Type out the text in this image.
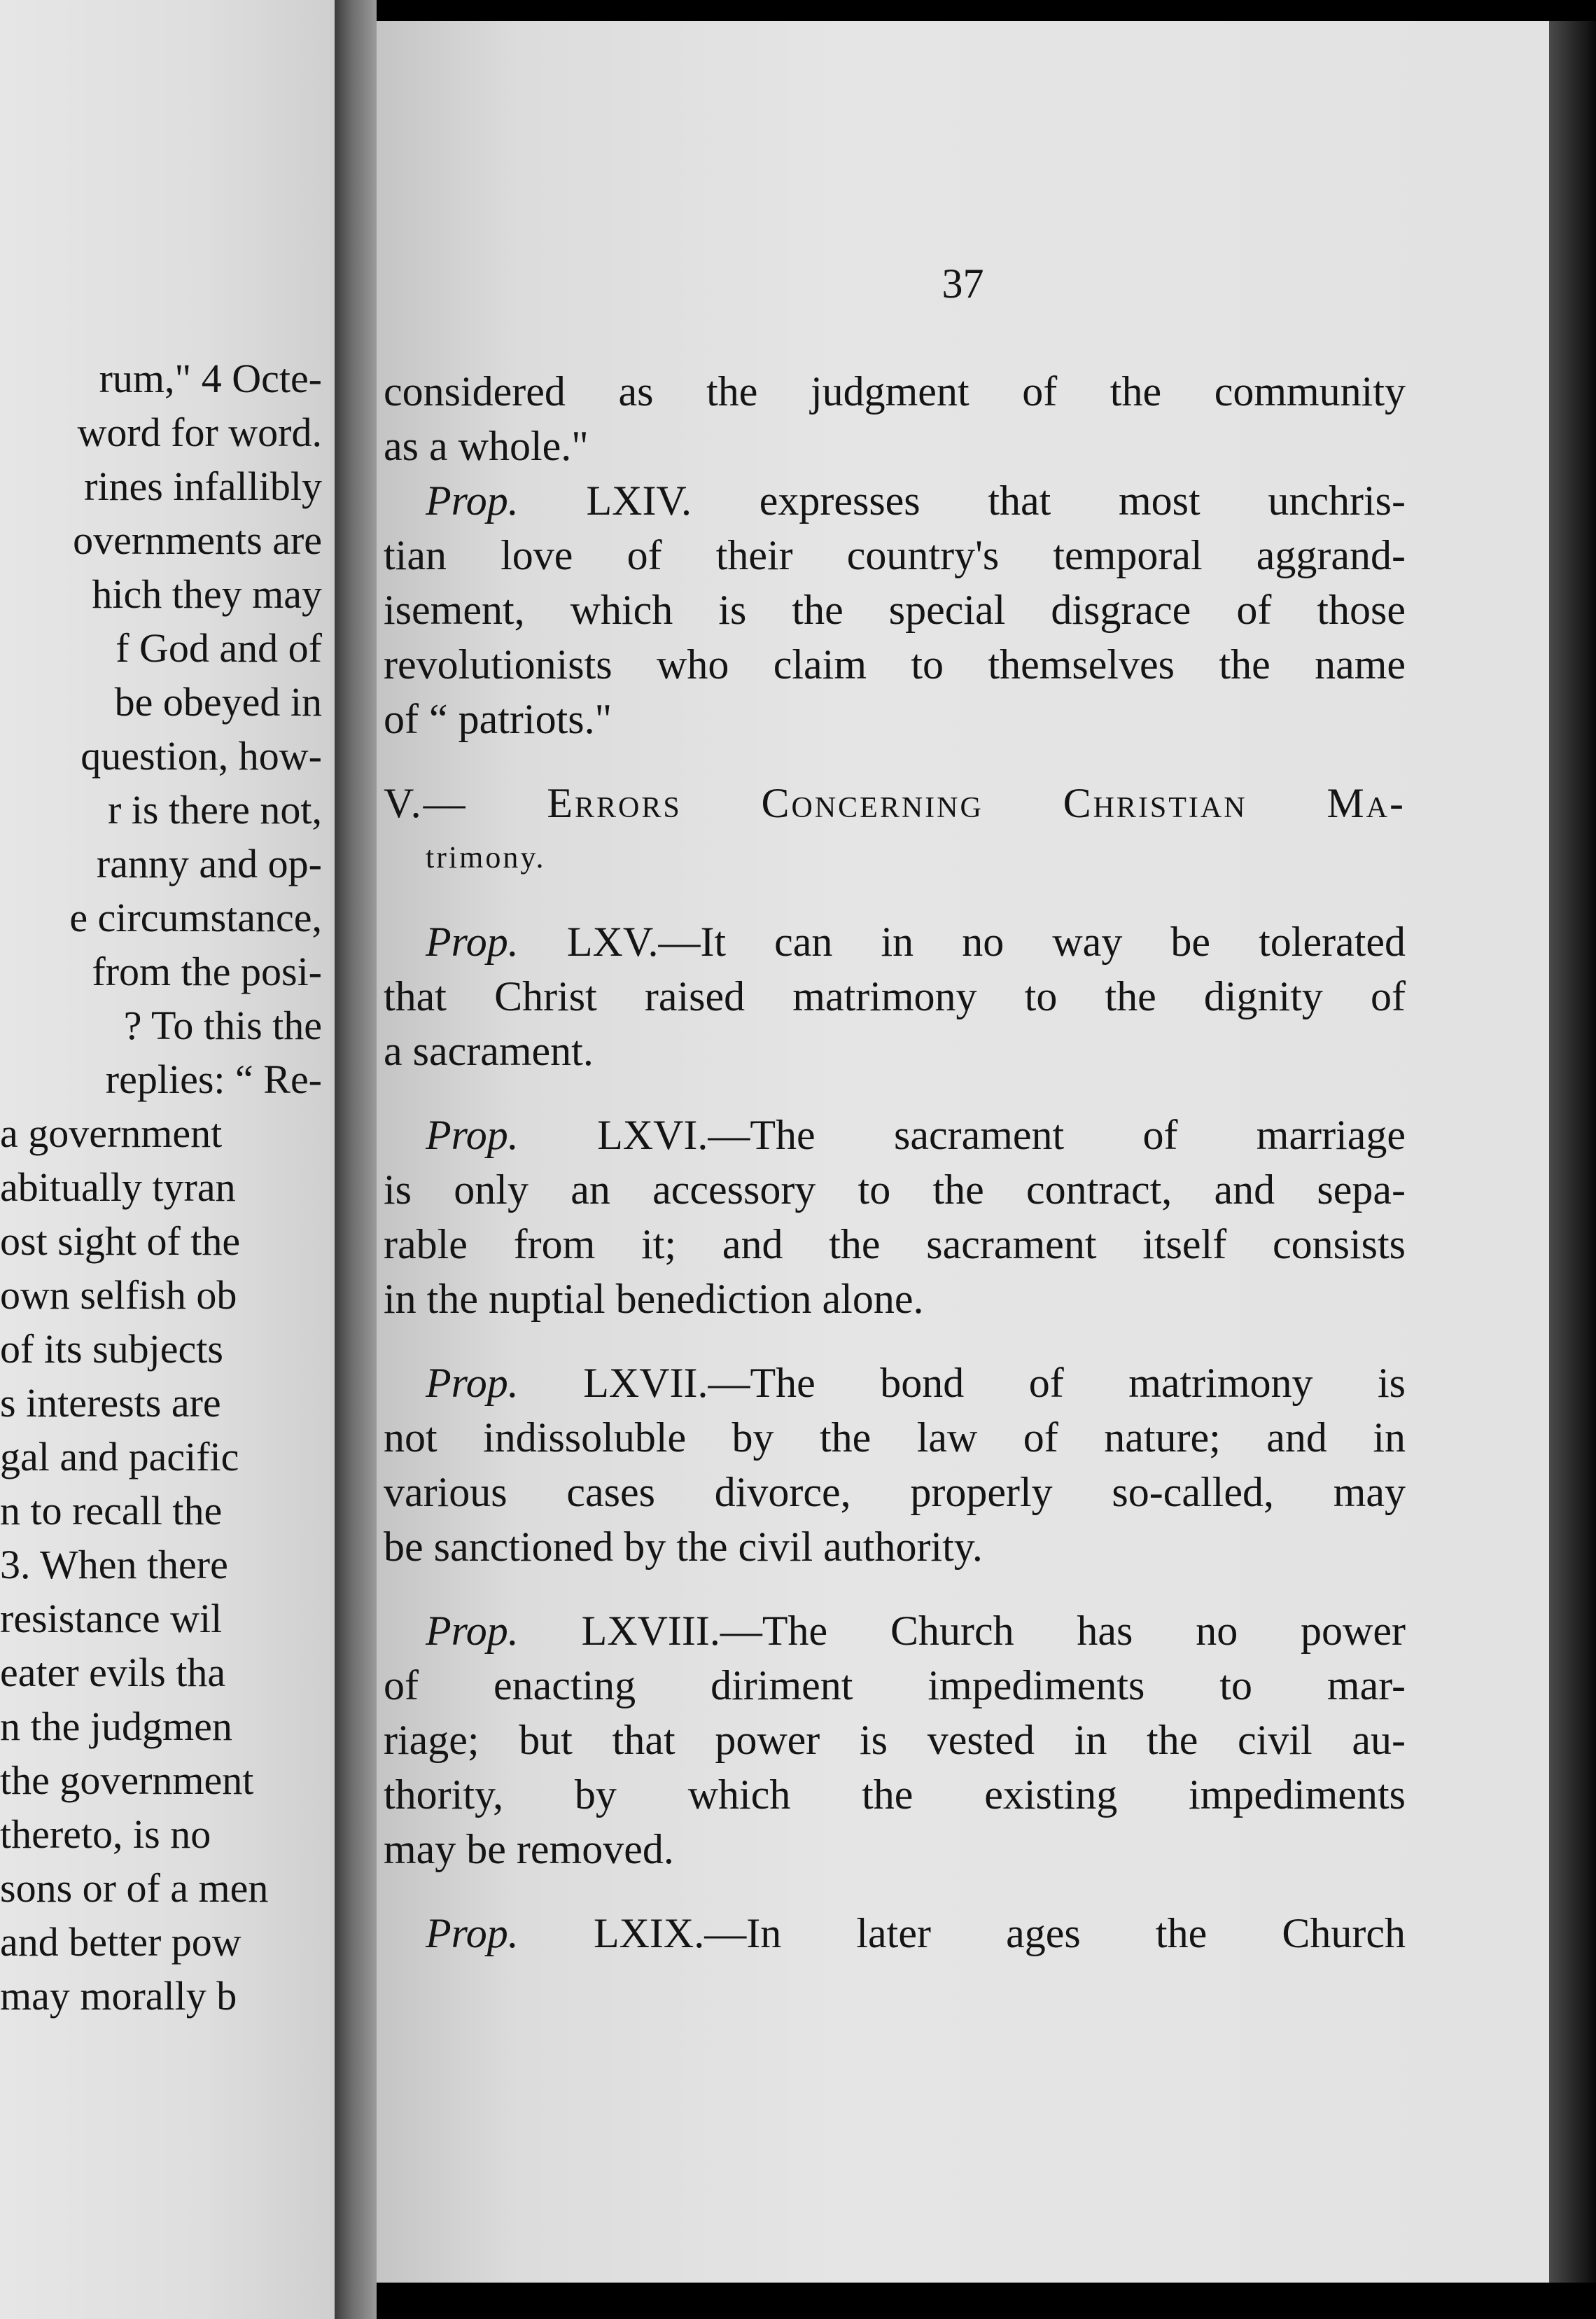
rum," 4 Octe-
word for word.
rines infallibly
overnments are
hich they may
f God and of
be obeyed in
question, how-
r is there not,
ranny and op-
e circumstance,
from the posi-
? To this the
replies: “ Re-
a government
abitually tyran
ost sight of the
own selfish ob
of its subjects
s interests are
gal and pacific
n to recall the
3. When there
resistance wil
eater evils tha
n the judgmen
the government
thereto, is no
sons or of a men
and better pow
may morally b
37
considered as the judgment of the community
as a whole."
Prop. LXIV. expresses that most unchris-
tian love of their country's temporal aggrand-
isement, which is the special disgrace of those
revolutionists who claim to themselves the name
of “ patriots."
V.— Errors Concerning Christian Ma-
trimony.
Prop. LXV.—It can in no way be tolerated
that Christ raised matrimony to the dignity of
a sacrament.
Prop. LXVI.—The sacrament of marriage
is only an accessory to the contract, and sepa-
rable from it; and the sacrament itself consists
in the nuptial benediction alone.
Prop. LXVII.—The bond of matrimony is
not indissoluble by the law of nature; and in
various cases divorce, properly so-called, may
be sanctioned by the civil authority.
Prop. LXVIII.—The Church has no power
of enacting diriment impediments to mar-
riage; but that power is vested in the civil au-
thority, by which the existing impediments
may be removed.
Prop. LXIX.—In later ages the Church
